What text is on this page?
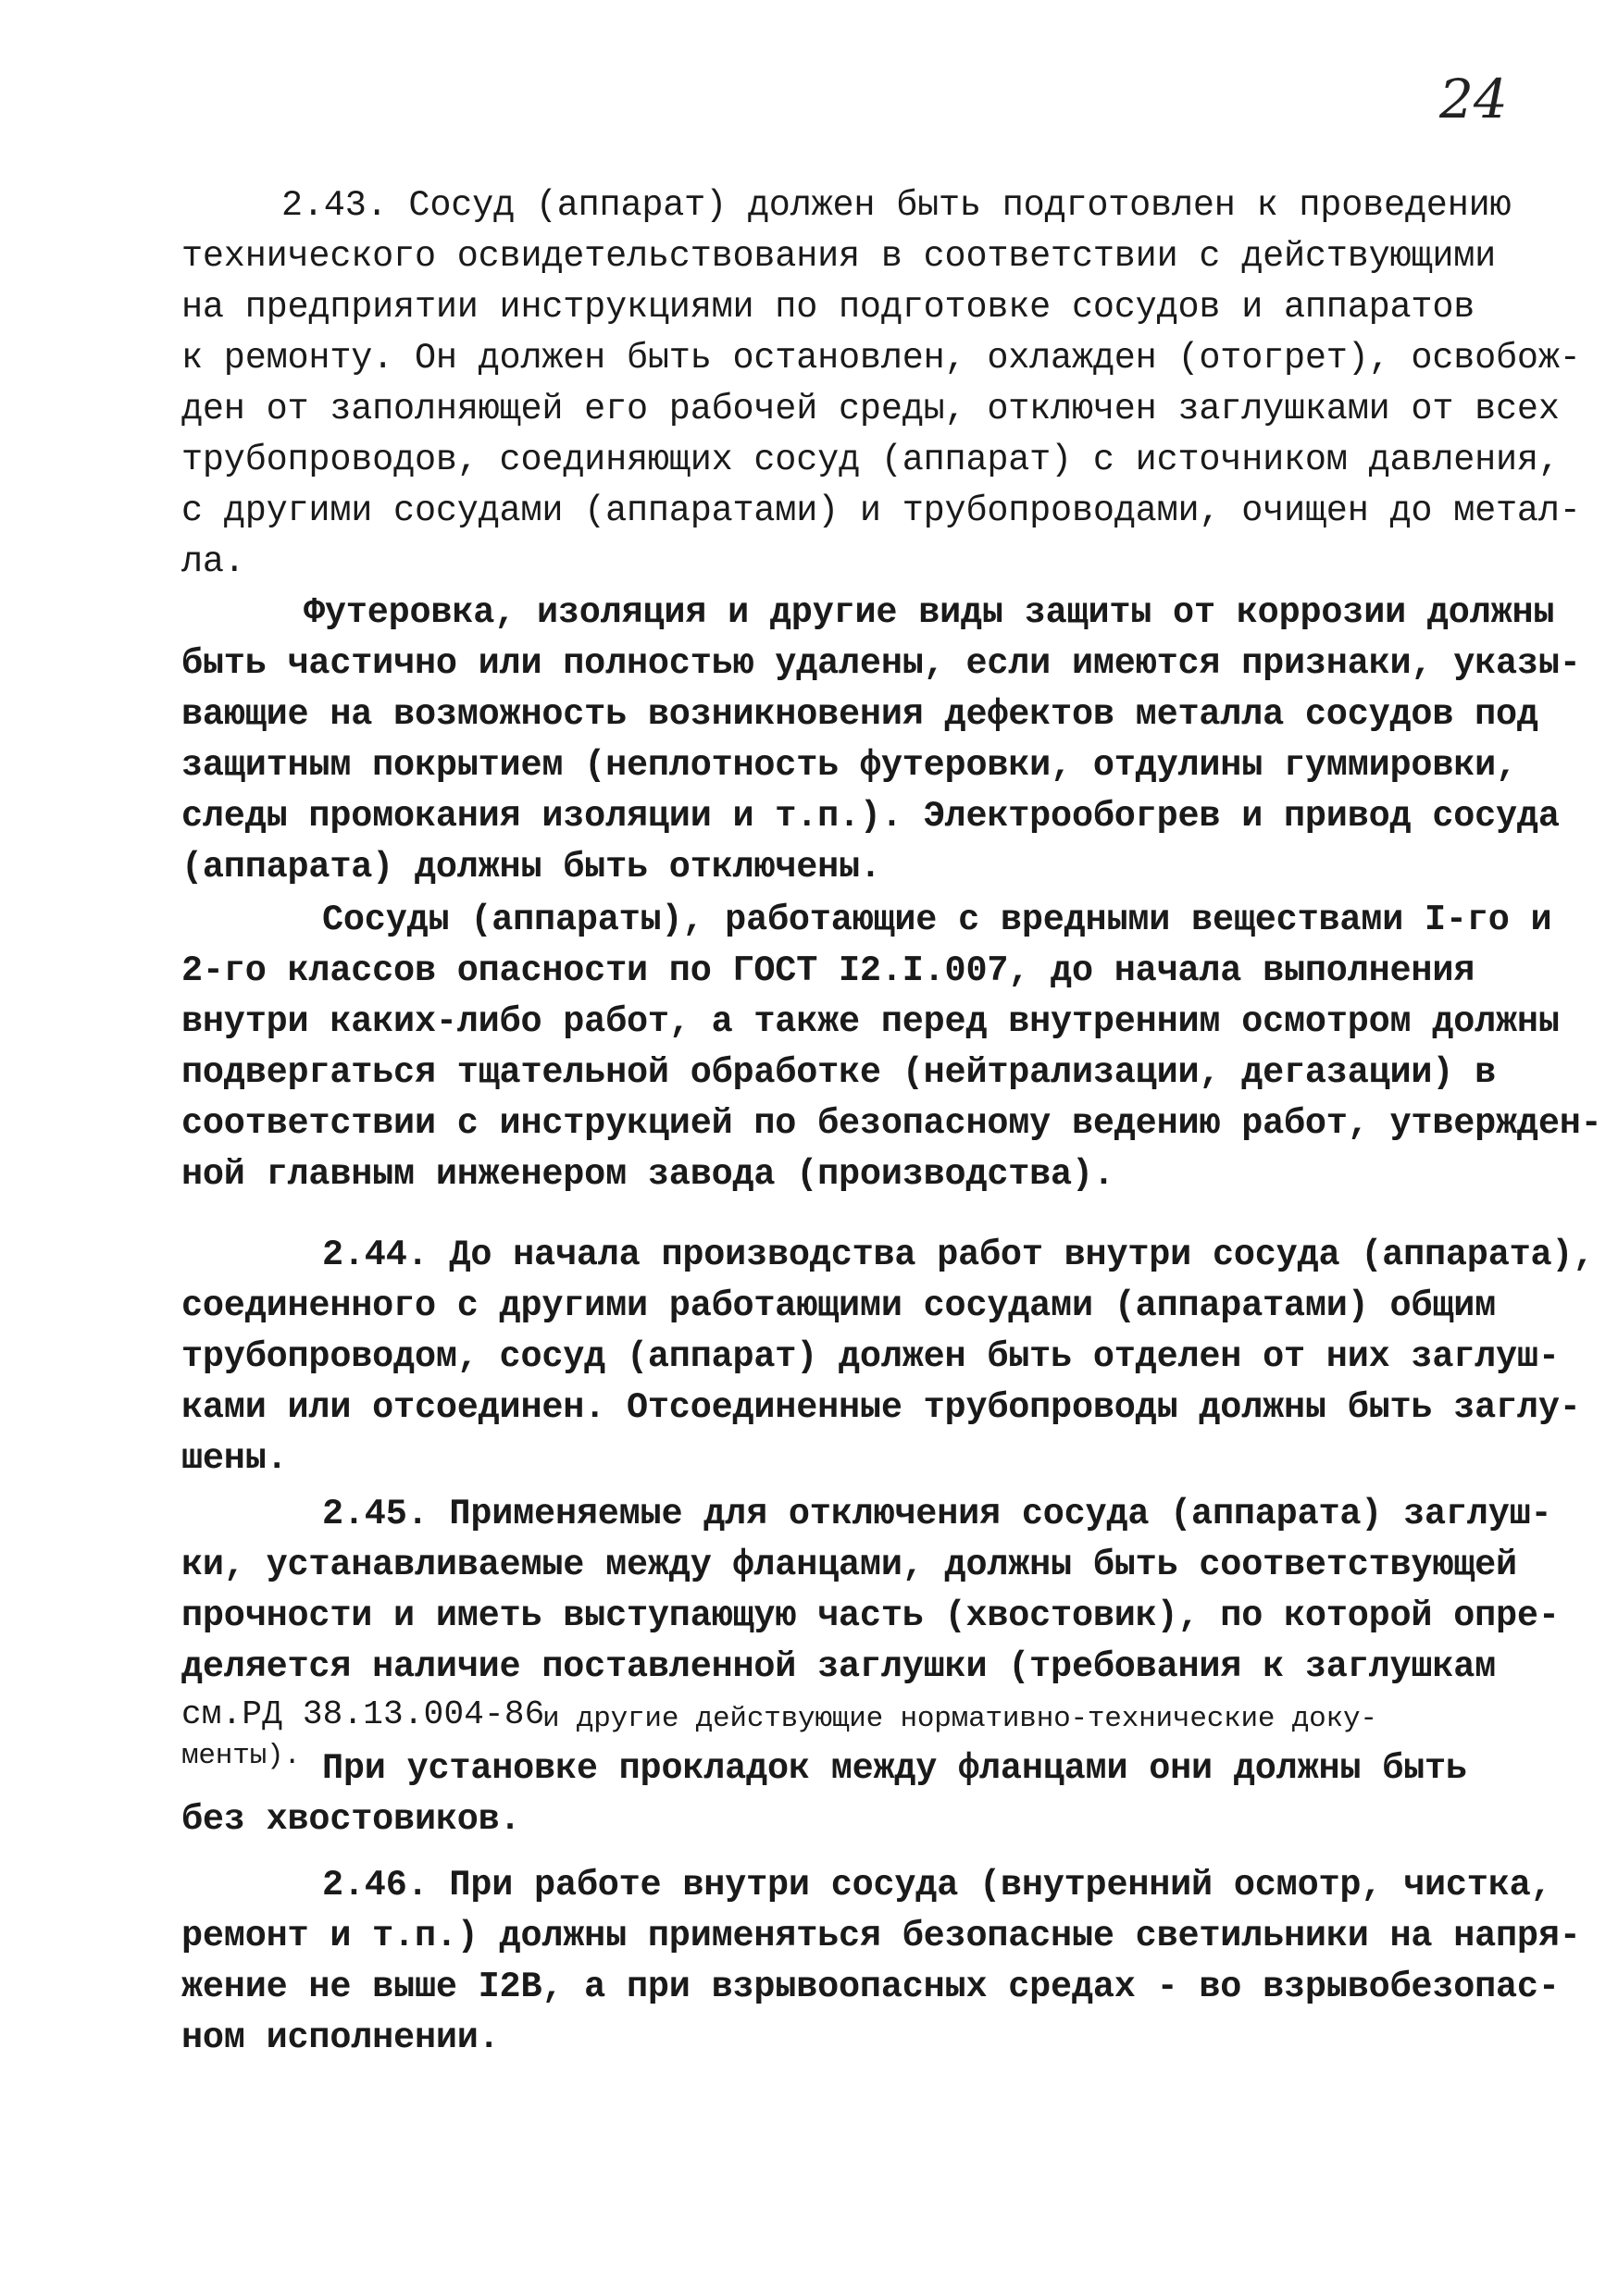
24
2.43. Сосуд (аппарат) должен быть подготовлен к проведению
технического освидетельствования в соответствии с действующими
на предприятии инструкциями по подготовке сосудов и аппаратов
к ремонту. Он должен быть остановлен, охлажден (отогрет), освобож-
ден от заполняющей его рабочей среды, отключен заглушками от всех
трубопроводов, соединяющих сосуд (аппарат) с источником давления,
с другими сосудами (аппаратами) и трубопроводами, очищен до метал-
ла.
Футеровка, изоляция и другие виды защиты от коррозии должны
быть частично или полностью удалены, если имеются признаки, указы-
вающие на возможность возникновения дефектов металла сосудов под
защитным покрытием (неплотность футеровки, отдулины гуммировки,
следы промокания изоляции и т.п.). Электрообогрев и привод сосуда
(аппарата) должны быть отключены.
Сосуды (аппараты), работающие с вредными веществами I-го и
2-го классов опасности по ГОСТ I2.I.007, до начала выполнения
внутри каких-либо работ, а также перед внутренним осмотром должны
подвергаться тщательной обработке (нейтрализации, дегазации) в
соответствии с инструкцией по безопасному ведению работ, утвержден-
ной главным инженером завода (производства).
2.44. До начала производства работ внутри сосуда (аппарата),
соединенного с другими работающими сосудами (аппаратами) общим
трубопроводом, сосуд (аппарат) должен быть отделен от них заглуш-
ками или отсоединен. Отсоединенные трубопроводы должны быть заглу-
шены.
2.45. Применяемые для отключения сосуда (аппарата) заглуш-
ки, устанавливаемые между фланцами, должны быть соответствующей
прочности и иметь выступающую часть (хвостовик), по которой опре-
деляется наличие поставленной заглушки (требования к заглушкам
см.РД 38.13.004-86
и другие действующие нормативно-технические доку-
менты). При установке прокладок между фланцами они должны быть
без хвостовиков.
2.46. При работе внутри сосуда (внутренний осмотр, чистка,
ремонт и т.п.) должны применяться безопасные светильники на напря-
жение не выше I2В, а при взрывоопасных средах - во взрывобезопас-
ном исполнении.
